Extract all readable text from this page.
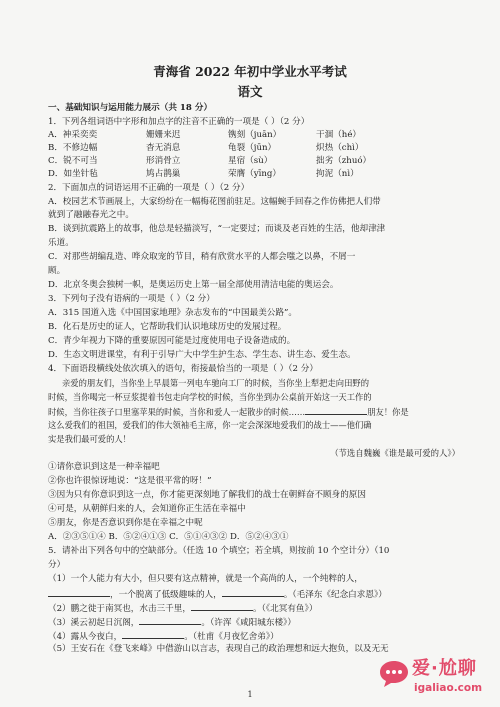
青海省 2022 年初中学业水平考试
语文
一、基础知识与运用能力展示（共 18 分）
1．下列各组词语中字形和加点字的注音不正确的一项是（ ）（2 分）
A．神采奕奕	姗姗来迟	镌刻（juān）	干涸（hé）
B．不修边幅	杳无消息	龟裂（jūn）	炽热（chì）
C．锐不可当	形消骨立	星宿（sù）	拙劣（zhuó）
D．如坐针毡	鸠占鹊巢	荣膺（yīng）	拘泥（nì）
2．下面加点的词语运用不正确的一项是（ ）（2 分）
A．校园艺术节画展上，大家纷纷在一幅梅花图前驻足。这幅蜿手回春之作仿佛把人们带
就到了融融春光之中。
B．谈到抗震路上的故事，他总是轻描淡写，“一定要过；而谈及老百姓的生活，他却津津
乐道。
C．对那些胡编乱造、哗众取宠的节目，稍有欣赏水平的人都会嗤之以鼻，不屑一
顾。
D．北京冬奥会独树一帜，是奥运历史上第一届全部使用清洁电能的奥运会。
3．下列句子没有语病的一项是（ ）（2 分）
A．315 国道入选《中国国家地理》杂志发布的“中国最美公路”。
B．化石是历史的证人，它帮助我们认识地球历史的发展过程。
C．青少年视力下降的重要原因可能是过度使用电子设备造成的。
D．生态文明进课堂，有利于引导广大中学生护生态、学生态、讲生态、爱生态。
4．下面语段横线处依次填入的语句，衔接最恰当的一项是（ ）（2 分）
亲爱的朋友们，当你坐上早晨第一列电车驰向工厂的时候，当你坐上犁把走向田野的
时候，当你喝完一杯豆浆提着书包走向学校的时候，当你坐到办公桌前开始这一天工作的
时候，当你往孩子口里塞苹果的时候，当你和爱人一起散步的时候……	朋友！你是
这么爱我们的祖国，爱我们的伟大领袖毛主席，你一定会深深地爱我们的战士——他们确
实是我们最可爱的人！
（节选自魏巍《谁是最可爱的人》）
①请你意识到这是一种幸福吧
②你也许很惊讶地说：“这是很平常的呀！”
③因为只有你意识到这一点，你才能更深刻地了解我们的战士在朝鲜奋不顾身的原因
④可是，从朝鲜归来的人，会知道你正生活在幸福中
⑤朋友，你是否意识到你是在幸福之中呢
A．②③⑤①④ B．⑤②④①③ C．⑤①④③② D．⑤②④③①
5．请补出下列各句中的空缺部分。（任选 10 个填空；若全填，则按前 10 个空计分）（10
分）
（1）一个人能力有大小，但只要有这点精神，就是一个高尚的人，一个纯粹的人，
，一个脱离了低级趣味的人，	。（毛泽东《纪念白求恩》）
（2）鹏之徙于南冥也，水击三千里，	。（《北冥有鱼》）
（3）溪云初起日沉阁，	。（许浑《咸阳城东楼》）
（4）露从今夜白，	。（杜甫《月夜忆舍弟》）
（5）王安石在《登飞来峰》中借游山以言志，表现自己的政治理想和远大抱负，以及无无
1
爱·尬聊
igaliao.com
